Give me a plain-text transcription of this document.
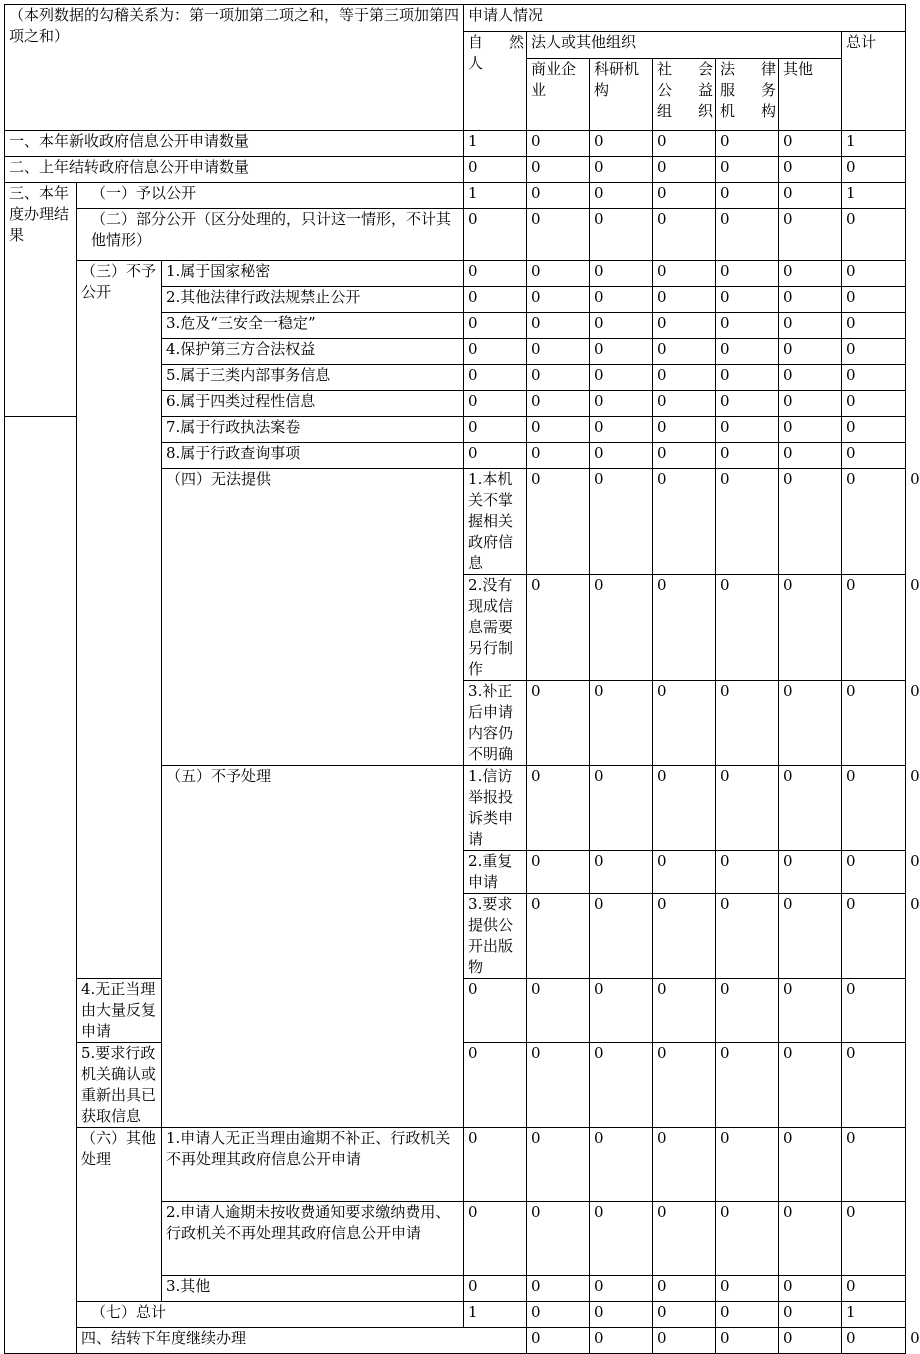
（本列数据的勾稽关系为：第一项加第二项之和，等于第三项加第四项之和）			申请人情况							
			自　然人	法人或其他组织					总计	
				商业企业	科研机构	社　会公　益组织	法　律服　务机构	其他		
一、本年新收政府信息公开申请数量			1	0	0	0	0	0	1	
二、上年结转政府信息公开申请数量			0	0	0	0	0	0	0	
三、本年度办理结果	（一）予以公开		1	0	0	0	0	0	1	
	（二）部分公开（区分处理的，只计这一情形，不计其他情形）		0	0	0	0	0	0	0	
	（三）不予公开	1.属于国家秘密	0	0	0	0	0	0	0	
		2.其他法律行政法规禁止公开	0	0	0	0	0	0	0	
		3.危及“三安全一稳定”	0	0	0	0	0	0	0	
		4.保护第三方合法权益	0	0	0	0	0	0	0	
		5.属于三类内部事务信息	0	0	0	0	0	0	0	
		6.属于四类过程性信息	0	0	0	0	0	0	0	
		7.属于行政执法案卷	0	0	0	0	0	0	0	
		8.属于行政查询事项	0	0	0	0	0	0	0	
		（四）无法提供	1.本机关不掌握相关政府信息	0	0	0	0	0	0	0
			2.没有现成信息需要另行制作	0	0	0	0	0	0	0
			3.补正后申请内容仍不明确	0	0	0	0	0	0	0
		（五）不予处理	1.信访举报投诉类申请	0	0	0	0	0	0	0
			2.重复申请	0	0	0	0	0	0	0
			3.要求提供公开出版物	0	0	0	0	0	0	0
	4.无正当理由大量反复申请		0	0	0	0	0	0	0	
	5.要求行政机关确认或重新出具已获取信息		0	0	0	0	0	0	0	
	（六）其他处理	1.申请人无正当理由逾期不补正、行政机关不再处理其政府信息公开申请	0	0	0	0	0	0	0	
		2.申请人逾期未按收费通知要求缴纳费用、行政机关不再处理其政府信息公开申请	0	0	0	0	0	0	0	
		3.其他	0	0	0	0	0	0	0	
	（七）总计		1	0	0	0	0	0	1	
	四、结转下年度继续办理			0	0	0	0	0	0	0
